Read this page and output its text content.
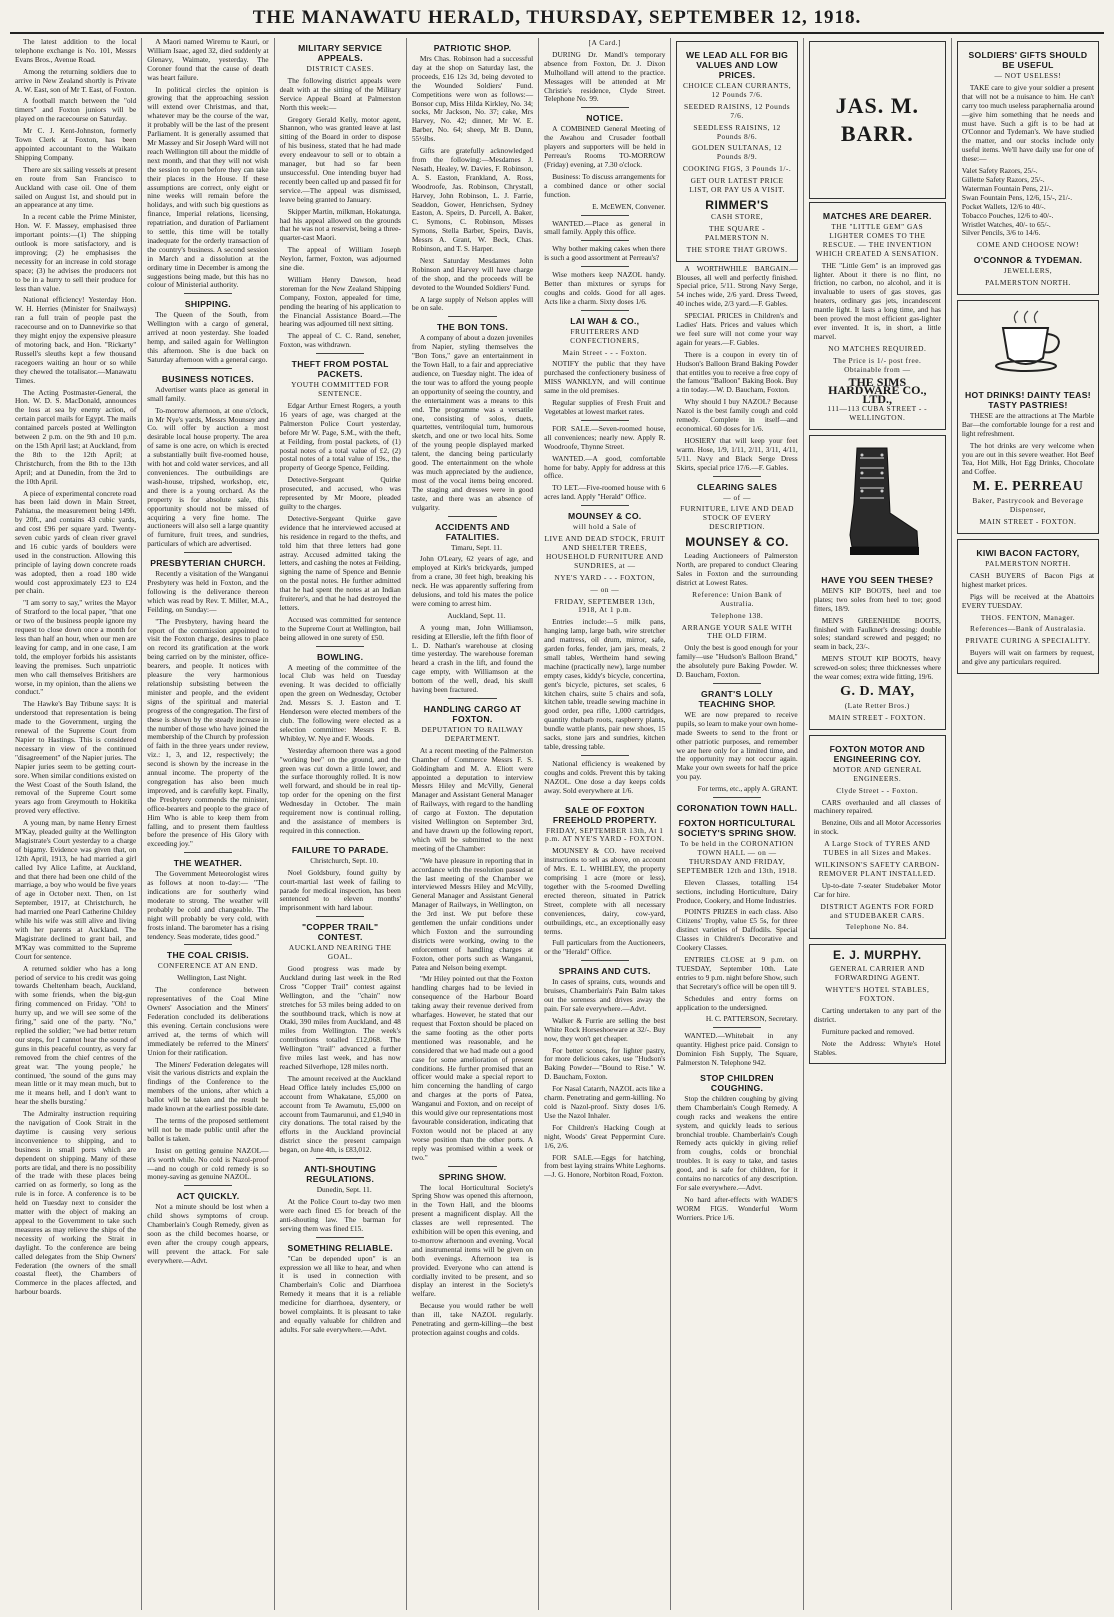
THE MANAWATU HERALD, THURSDAY, SEPTEMBER 12, 1918.

The latest addition to the local telephone exchange is No. 101, Messrs Evans Bros., Avenue Road.

Among the returning soldiers due to arrive in New Zealand shortly is Private A. W. East, son of Mr T. East, of Foxton.

A football match between the "old timers" and Foxton juniors will be played on the racecourse on Saturday.

Mr C. J. Kent-Johnston, formerly Town Clerk at Foxton, has been appointed accountant to the Waikato Shipping Company.

There are six sailing vessels at present en route from San Francisco to Auckland with case oil. One of them sailed on August 1st, and should put in an appearance at any time.

In a recent cable the Prime Minister, Hon. W. F. Massey, emphasised three important points:—(1) The shipping outlook is more satisfactory, and is improving; (2) he emphasises the necessity for an increase in cold storage space; (3) he advises the producers not to be in a hurry to sell their produce for less than value.

National efficiency! Yesterday Hon. W. H. Herries (Minister for Snailways) ran a full train of people past the racecourse and on to Dannevirke so that they might enjoy the expensive pleasure of motoring back, and Hon. "Rickarty" Russell's sleuths kept a few thousand racegoers waiting an hour or so while they chewed the totalisator.—Manawatu Times.

The Acting Postmaster-General, the Hon. W. D. S. MacDonald, announces the loss at sea by enemy action, of certain parcel mails for Egypt. The mails contained parcels posted at Wellington between 2 p.m. on the 9th and 10 p.m. on the 15th April last; at Auckland, from the 8th to the 12th April; at Christchurch, from the 8th to the 13th April; and at Dunedin, from the 3rd to the 10th April.

A piece of experimental concrete road has been laid down in Main Street, Pahiatua, the measurement being 149ft. by 20ft., and contains 43 cubic yards, and cost £96 per square yard. Twenty-seven cubic yards of clean river gravel and 16 cubic yards of boulders were used in the construction. Allowing this principle of laying down concrete roads was adopted, then a road 180 wide would cost approximately £23 to £24 per chain.

"I am sorry to say," writes the Mayor of Stratford to the local paper, "that one or two of the business people ignore my request to close down once a month for less than half an hour, when our men are leaving for camp, and in one case, I am told, the employer forbids his assistants leaving the premises. Such unpatriotic men who call themselves Britishers are worse, in my opinion, than the aliens we conduct."

The Hawke's Bay Tribune says: It is understood that representation is being made to the Government, urging the renewal of the Supreme Court from Napier to Hastings. This is considered necessary in view of the continued "disagreement" of the Napier juries. The Napier juries seem to be getting court-sore. When similar conditions existed on the West Coast of the South Island, the removal of the Supreme Court some years ago from Greymouth to Hokitika proved very effective.

A young man, by name Henry Ernest M'Kay, pleaded guilty at the Wellington Magistrate's Court yesterday to a charge of bigamy. Evidence was given that, on 12th April, 1913, he had married a girl called Ivy Alice Lafitte, at Auckland, and that there had been one child of the marriage, a boy who would be five years of age in October next. Then, on 1st September, 1917, at Christchurch, he had married one Pearl Catherine Childey while his wife was still alive and living with her parents at Auckland. The Magistrate declined to grant bail, and M'Kay was committed to the Supreme Court for sentence.

A returned soldier who has a long period of service to his credit was going towards Cheltenham beach, Auckland, with some friends, when the big-gun firing commenced on Friday. "Oh! to hurry up, and we will see some of the firing," said one of the party. "No," replied the soldier; "we had better return our steps, for I cannot hear the sound of guns in this peaceful country, as very far removed from the chief centres of the great war. 'The young people,' he continued, 'the sound of the guns may mean little or it may mean much, but to me it means hell, and I don't want to hear the shells bursting.'

The Admiralty instruction requiring the navigation of Cook Strait in the daytime is causing very serious inconvenience to shipping, and to business in small ports which are dependent on shipping. Many of these ports are tidal, and there is no possibility of the trade with these places being carried on as formerly, so long as the rule is in force. A conference is to be held on Tuesday next to consider the matter with the object of making an appeal to the Government to take such measures as may relieve the ships of the necessity of working the Strait in daylight. To the conference are being called delegates from the Ship Owners' Federation (the owners of the small coastal fleet), the Chambers of Commerce in the places affected, and harbour boards.

A Maori named Wiremu te Kauri, or William Isaac, aged 32, died suddenly at Glenavy, Waimate, yesterday. The Coroner found that the cause of death was heart failure.

In political circles the opinion is growing that the approaching session will extend over Christmas, and that, whatever may be the course of the war, it probably will be the last of the present Parliament. It is generally assumed that Mr Massey and Sir Joseph Ward will not reach Wellington till about the middle of next month, and that they will not wish the session to open before they can take their places in the House. If these assumptions are correct, only eight or nine weeks will remain before the holidays, and with such big questions as finance, Imperial relations, licensing, repatriation, and duration of Parliament to settle, this time will be totally inadequate for the orderly transaction of the country's business. A second session in March and a dissolution at the ordinary time in December is among the suggestions being made, but this has no colour of Ministerial authority.

SHIPPING.

The Queen of the South, from Wellington with a cargo of general, arrived at noon yesterday. She loaded hemp, and sailed again for Wellington this afternoon. She is due back on Saturday afternoon with a general cargo.

BUSINESS NOTICES.

Advertiser wants place as general in small family.

To-morrow afternoon, at one o'clock, in Mr Nye's yards, Messrs Mounsey and Co. will offer by auction a most desirable local house property. The area of same is one acre, on which is erected a substantially built five-roomed house, with hot and cold water services, and all conveniences. The outbuildings are wash-house, tripshed, workshop, etc, and there is a young orchard. As the property is for absolute sale, this opportunity should not be missed of acquiring a very fine home. The auctioneers will also sell a large quantity of furniture, fruit trees, and sundries, particulars of which are advertised.

PRESBYTERIAN CHURCH.

Recently a visitation of the Wanganui Presbytery was held in Foxton, and the following is the deliverance thereon which was read by Rev. T. Miller, M.A., Feilding, on Sunday:—

"The Presbytery, having heard the report of the commission appointed to visit the Foxton charge, desires to place on record its gratification at the work being carried on by the minister, office-bearers, and people. It notices with pleasure the very harmonious relationship subsisting between the minister and people, and the evident signs of the spiritual and material progress of the congregation. The first of these is shown by the steady increase in the number of those who have joined the membership of the Church by profession of faith in the three years under review, viz.: 1, 3, and 12, respectively; the second is shown by the increase in the annual income. The property of the congregation has also been much improved, and is carefully kept. Finally, the Presbytery commends the minister, office-bearers and people to the grace of Him Who is able to keep them from falling, and to present them faultless before the presence of His Glory with exceeding joy."

THE WEATHER.

The Government Meteorologist wires as follows at noon to-day:— "The indications are for southerly wind moderate to strong. The weather will probably be cold and changeable. The night will probably be very cold, with frosts inland. The barometer has a rising tendency. Seas moderate, tides good."

THE COAL CRISIS.
CONFERENCE AT AN END.

Wellington, Last Night.

The conference between representatives of the Coal Mine Owners' Association and the Miners' Federation concluded its deliberations this evening. Certain conclusions were arrived at, the terms of which will immediately be referred to the Miners' Union for their ratification.

The Miners' Federation delegates will visit the various districts and explain the findings of the Conference to the members of the unions, after which a ballot will be taken and the result be made known at the earliest possible date.

The terms of the proposed settlement will not be made public until after the ballot is taken.

Insist on getting genuine NAZOL—it's worth while. No cold is Nazol-proof—and no cough or cold remedy is so money-saving as genuine NAZOL.

ACT QUICKLY.

Not a minute should be lost when a child shows symptoms of croup. Chamberlain's Cough Remedy, given as soon as the child becomes hoarse, or even after the croupy cough appears, will prevent the attack. For sale everywhere.—Advt.

MILITARY SERVICE APPEALS.
DISTRICT CASES.

The following district appeals were dealt with at the sitting of the Military Service Appeal Board at Palmerston North this week:—

Gregory Gerald Kelly, motor agent, Shannon, who was granted leave at last sitting of the Board in order to dispose of his business, stated that he had made every endeavour to sell or to obtain a manager, but had so far been unsuccessful. One intending buyer had recently been called up and passed fit for service.—The appeal was dismissed, leave being granted to January.

Skipper Martin, milkman, Hokatunga, had his appeal allowed on the grounds that he was not a reservist, being a three-quarter-cast Maori.

The appeal of William Joseph Neylon, farmer, Foxton, was adjourned sine die.

William Henry Dawson, head storeman for the New Zealand Shipping Company, Foxton, appealed for time, pending the hearing of his application to the Financial Assistance Board.—The hearing was adjourned till next sitting.

The appeal of C. C. Rand, seneher, Foxton, was withdrawn.

THEFT FROM POSTAL PACKETS.
YOUTH COMMITTED FOR SENTENCE.

Edgar Arthur Ernest Rogers, a youth 16 years of age, was charged at the Palmerston Police Court yesterday, before Mr W. Page, S.M., with the theft, at Feilding, from postal packets, of (1) postal notes of a total value of £2, (2) postal notes of a total value of 19s., the property of George Spence, Feilding.

Detective-Sergeant Quirke prosecuted, and accused, who was represented by Mr Moore, pleaded guilty to the charges.

Detective-Sergeant Quirke gave evidence that he interviewed accused at his residence in regard to the thefts, and told him that three letters had gone astray. Accused admitted taking the letters, and cashing the notes at Feilding, signing the name of Spence and Bennie on the postal notes. He further admitted that he had spent the notes at an Indian fruiterer's, and that he had destroyed the letters.

Accused was committed for sentence to the Supreme Court at Wellington, bail being allowed in one surety of £50.

BOWLING.

A meeting of the committee of the local Club was held on Tuesday evening. It was decided to officially open the green on Wednesday, October 2nd. Messrs S. J. Easton and T. Henderson were elected members of the club. The following were elected as a selection committee: Messrs F. B. Whibley, W. Nye and F. Woods.

Yesterday afternoon there was a good "working bee" on the ground, and the green was cut down a little lower, and the surface thoroughly rolled. It is now well forward, and should be in real tip-top order for the opening on the first Wednesday in October. The main requirement now is continual rolling, and the assistance of members is required in this connection.

FAILURE TO PARADE.

Christchurch, Sept. 10.

Noel Goldsbury, found guilty by court-martial last week of failing to parade for medical inspection, has been sentenced to eleven months' imprisonment with hard labour.

"COPPER TRAIL" CONTEST.
AUCKLAND NEARING THE GOAL.

Good progress was made by Auckland during last week in the Red Cross "Copper Trail" contest against Wellington, and the "chain" now stretches for 53 miles being added to on the southbound track, which is now at Otaki, 390 miles from Auckland, and 48 miles from Wellington. The week's contributions totalled £12,068. The Wellington "trail" advanced a further five miles last week, and has now reached Silverhope, 128 miles north.

The amount received at the Auckland Head Office lately includes £5,000 on account from Whakatane, £5,000 on account from Te Awamutu, £5,000 on account from Taumarunui, and £1,940 in city donations. The total raised by the efforts in the Auckland provincial district since the present campaign began, on June 4th, is £83,012.

ANTI-SHOUTING REGULATIONS.

Dunedin, Sept. 11.

At the Police Court to-day two men were each fined £5 for breach of the anti-shouting law. The barman for serving them was fined £15.

SOMETHING RELIABLE.

"Can be depended upon" is an expression we all like to hear, and when it is used in connection with Chamberlain's Colic and Diarrhoea Remedy it means that it is a reliable medicine for diarrhoea, dysentery, or bowel complaints. It is pleasant to take and equally valuable for children and adults. For sale everywhere.—Advt.

PATRIOTIC SHOP.

Mrs Chas. Robinson had a successful day at the shop on Saturday last, the proceeds, £16 12s 3d, being devoted to the Wounded Soldiers' Fund. Competitions were won as follows:—Bonsor cup, Miss Hilda Kirkley, No. 34; socks, Mr Jackson, No. 37; cake, Mrs Harvey, No. 42; dinner, Mr W. E. Barber, No. 64; sheep, Mr B. Dunn, 55½lbs.

Gifts are gratefully acknowledged from the following:—Mesdames J. Nesath, Healey, W. Davies, F. Robinson, A. S. Easton, Frankland, A. Ross, Woodroofe, Jas. Robinson, Chrystall, Harvey, John Robinson, L. J. Farrie, Seaddon, Gower, Henrichsen, Sydney Easton, A. Speirs, D. Purcell, A. Baker, C. Symons, C. Robinson, Misses Symons, Stella Barber, Speirs, Davis, Messrs A. Grant, W. Beck, Chas. Robinson, and T. S. Harper.

Next Saturday Mesdames John Robinson and Harvey will have charge of the shop, and the proceeds will be devoted to the Wounded Soldiers' Fund.

A large supply of Nelson apples will be on sale.

THE BON TONS.

A company of about a dozen juveniles from Napier, styling themselves the "Bon Tons," gave an entertainment in the Town Hall, to a fair and appreciative audience, on Tuesday night. The idea of the tour was to afford the young people an opportunity of seeing the country, and the entertainment was a means to this end. The programme was a versatile one, consisting of solos, duets, quartettes, ventriloquial turn, humorous sketch, and one or two local hits. Some of the young people displayed marked talent, the dancing being particularly good. The entertainment on the whole was much appreciated by the audience, most of the vocal items being encored. The staging and dresses were in good taste, and there was an absence of vulgarity.

ACCIDENTS AND FATALITIES.

Timaru, Sept. 11.

John O'Leary, 62 years of age, and employed at Kirk's brickyards, jumped from a crane, 30 feet high, breaking his neck. He was apparently suffering from delusions, and told his mates the police were coming to arrest him.

Auckland, Sept. 11.

A young man, John Williamson, residing at Ellerslie, left the fifth floor of L. D. Nathan's warehouse at closing time yesterday. The warehouse foreman heard a crash in the lift, and found the cage empty, with Williamson at the bottom of the well, dead, his skull having been fractured.

HANDLING CARGO AT FOXTON.
DEPUTATION TO RAILWAY DEPARTMENT.

At a recent meeting of the Palmerston Chamber of Commerce Messrs F. S. Goldingham and M. A. Eliott were appointed a deputation to interview Messrs Hiley and McVilly, General Manager and Assistant General Manager of Railways, with regard to the handling of cargo at Foxton. The deputation visited Wellington on September 3rd, and have drawn up the following report, which will be submitted to the next meeting of the Chamber:

"We have pleasure in reporting that in accordance with the resolution passed at the last meeting of the Chamber we interviewed Messrs Hiley and McVilly, General Manager and Assistant General Manager of Railways, in Wellington, on the 3rd inst. We put before these gentlemen the unfair conditions under which Foxton and the surrounding districts were working, owing to the enforcement of handling charges at Foxton, other ports such as Wanganui, Patea and Nelson being exempt.

"Mr Hiley pointed out that the Foxton handling charges had to be levied in consequence of the Harbour Board taking away their revenue derived from wharfages. However, he stated that our request that Foxton should be placed on the same footing as the other ports mentioned was reasonable, and he considered that we had made out a good case for some amelioration of present conditions. He further promised that an officer would make a special report to him concerning the handling of cargo and charges at the ports of Patea, Wanganui and Foxton, and on receipt of this would give our representations most favourable consideration, indicating that Foxton would not be placed at any worse position than the other ports. A reply was promised within a week or two."

SPRING SHOW.

The local Horticultural Society's Spring Show was opened this afternoon, in the Town Hall, and the blooms present a magnificent display. All the classes are well represented. The exhibition will be open this evening, and to-morrow afternoon and evening. Vocal and instrumental items will be given on both evenings. Afternoon tea is provided. Everyone who can attend is cordially invited to be present, and so display an interest in the Society's welfare.

Because you would rather be well than ill, take NAZOL regularly. Penetrating and germ-killing—the best protection against coughs and colds.

[A Card.]

DURING Dr. Mandl's temporary absence from Foxton, Dr. J. Dixon Mulholland will attend to the practice. Messages will be attended at Mr Christie's residence, Clyde Street. Telephone No. 99.

NOTICE.

A COMBINED General Meeting of the Awahou and Crusader football players and supporters will be held in Perreau's Rooms TO-MORROW (Friday) evening, at 7.30 o'clock.

Business: To discuss arrangements for a combined dance or other social function.

E. McEWEN, Convener.

WANTED.—Place as general in small family. Apply this office.

Why bother making cakes when there is such a good assortment at Perreau's?

Wise mothers keep NAZOL handy. Better than mixtures or syrups for coughs and colds. Good for all ages. Acts like a charm. Sixty doses 1/6.

LAI WAH & CO.,
FRUITERERS AND CONFECTIONERS,
Main Street - - - Foxton.

NOTIFY the public that they have purchased the confectionery business of MISS WANKLYN, and will continue same in the old premises.

Regular supplies of Fresh Fruit and Vegetables at lowest market rates.

FOR SALE.—Seven-roomed house, all conveniences; nearly new. Apply R. Woodroofe, Thynne Street.

WANTED.—A good, comfortable home for baby. Apply for address at this office.

TO LET.—Five-roomed house with 6 acres land. Apply "Herald" Office.

MOUNSEY & CO.
will hold a Sale of
LIVE AND DEAD STOCK, FRUIT AND SHELTER TREES, HOUSEHOLD FURNITURE AND SUNDRIES, at —
NYE'S YARD - - - FOXTON,
— on —
FRIDAY, SEPTEMBER 13th, 1918, At 1 p.m.

Entries include:—5 milk pans, hanging lamp, large bath, wire stretcher and mattress, oil drum, mirror, safe, garden forks, fender, jam jars, meals, 2 small tables, Wertheim hand sewing machine (practically new), large number empty cases, kiddy's bicycle, concertina, gent's bicycle, pictures, set scales, 6 kitchen chairs, suite 5 chairs and sofa, kitchen table, treadle sewing machine in good order, pea rifle, 1,000 cartridges, quantity rhubarb roots, raspberry plants, bundle wattle plants, pair new shoes, 15 sacks, stone jars and sundries, kitchen table, dressing table.

National efficiency is weakened by coughs and colds. Prevent this by taking NAZOL. One dose a day keeps colds away. Sold everywhere at 1/6.

SALE OF FOXTON FREEHOLD PROPERTY.
FRIDAY, SEPTEMBER 13th, At 1 p.m. AT NYE'S YARD - FOXTON.

MOUNSEY & CO. have received instructions to sell as above, on account of Mrs. E. L. WHIBLEY, the property comprising 1 acre (more or less), together with the 5-roomed Dwelling erected thereon, situated in Patrick Street, complete with all necessary conveniences, dairy, cow-yard, outbuildings, etc., an exceptionally easy terms.

Full particulars from the Auctioneers, or the "Herald" Office.

SPRAINS AND CUTS.

In cases of sprains, cuts, wounds and bruises, Chamberlain's Pain Balm takes out the soreness and drives away the pain. For sale everywhere.—Advt.

Walker & Furrie are selling the best White Rock Horseshoeware at 32/-. Buy now, they won't get cheaper.

For better scones, for lighter pastry, for more delicious cakes, use "Hudson's Baking Powder—"Bound to Rise." W. D. Baucham, Foxton.

For Nasal Catarrh, NAZOL acts like a charm. Penetrating and germ-killing. No cold is Nazol-proof. Sixty doses 1/6. Use the Nazol Inhaler.

For Children's Hacking Cough at night, Woods' Great Peppermint Cure. 1/6, 2/6.

FOR SALE.—Eggs for hatching, from best laying strains White Leghorns.—J. G. Honore, Norbiton Road, Foxton.

WE LEAD ALL FOR BIG VALUES AND LOW PRICES.
CHOICE CLEAN CURRANTS, 12 Pounds 7/6.
SEEDED RAISINS, 12 Pounds 7/6.
SEEDLESS RAISINS, 12 Pounds 8/6.
GOLDEN SULTANAS, 12 Pounds 8/9.
COOKING FIGS, 3 Pounds 1/-.
GET OUR LATEST PRICE LIST, OR PAY US A VISIT.
RIMMER'S
CASH STORE,
THE SQUARE - PALMERSTON N.
THE STORE THAT GROWS.

A WORTHWHILE BARGAIN.—Blouses, all well and perfectly finished. Special price, 5/11. Strong Navy Serge, 54 inches wide, 2/6 yard. Dress Tweed, 40 inches wide, 2/3 yard.—F. Gables.

SPECIAL PRICES in Children's and Ladies' Hats. Prices and values which we feel sure will not come your way again for years.—F. Gables.

There is a coupon in every tin of Hudson's Balloon Brand Baking Powder that entitles you to receive a free copy of the famous "Balloon" Baking Book. Buy a tin today.—W. D. Baucham, Foxton.

Why should I buy NAZOL? Because Nazol is the best family cough and cold remedy. Complete in itself—and economical. 60 doses for 1/6.

HOSIERY that will keep your feet warm. Hose, 1/9, 1/11, 2/11, 3/11, 4/11, 5/11. Navy and Black Serge Dress Skirts, special price 17/6.—F. Gables.

CLEARING SALES
— of —
FURNITURE, LIVE AND DEAD STOCK OF EVERY DESCRIPTION.
MOUNSEY & CO.

Leading Auctioneers of Palmerston North, are prepared to conduct Clearing Sales in Foxton and the surrounding district at Lowest Rates.

Reference: Union Bank of Australia.
Telephone 138.
ARRANGE YOUR SALE WITH THE OLD FIRM.

Only the best is good enough for your family—use "Hudson's Balloon Brand," the absolutely pure Baking Powder. W. D. Baucham, Foxton.

GRANT'S LOLLY TEACHING SHOP.

WE are now prepared to receive pupils, so learn to make your own home-made Sweets to send to the front or other patriotic purposes, and remember we are here only for a limited time, and the opportunity may not occur again. Make your own sweets for half the price you pay.

For terms, etc., apply A. GRANT.

CORONATION TOWN HALL.
FOXTON HORTICULTURAL SOCIETY'S SPRING SHOW.
To be held in the CORONATION TOWN HALL — on — THURSDAY AND FRIDAY, SEPTEMBER 12th and 13th, 1918.

Eleven Classes, totalling 154 sections, including Horticulture, Dairy Produce, Cookery, and Home Industries.

POINTS PRIZES in each class. Also Citizens' Trophy, value £5 5s, for three distinct varieties of Daffodils. Special Classes in Children's Decorative and Cookery Classes.

ENTRIES CLOSE at 9 p.m. on TUESDAY, September 10th. Late entries to 9 p.m. night before Show, such that Secretary's office will be open till 9.

Schedules and entry forms on application to the undersigned.

H. C. PATTERSON, Secretary.

WANTED.—Whitebait in any quantity. Highest price paid. Consign to Dominion Fish Supply, The Square, Palmerston N. Telephone 942.

STOP CHILDREN COUGHING.

Stop the children coughing by giving them Chamberlain's Cough Remedy. A cough racks and weakens the entire system, and quickly leads to serious bronchial trouble. Chamberlain's Cough Remedy acts quickly in giving relief from coughs, colds or bronchial troubles. It is easy to take, and tastes good, and is safe for children, for it contains no narcotics of any description. For sale everywhere.—Advt.

No hard after-effects with WADE'S WORM FIGS. Wonderful Worm Worriers. Price 1/6.

JAS. M. BARR.
MATCHES ARE DEARER.
THE "LITTLE GEM" GAS LIGHTER COMES TO THE RESCUE. — THE INVENTION WHICH CREATED A SENSATION.

THE "Little Gem" is an improved gas lighter. About it there is no flint, no friction, no carbon, no alcohol, and it is invaluable to users of gas stoves, gas heaters, ordinary gas jets, incandescent mantle light. It lasts a long time, and has been proved the most efficient gas-lighter ever invented. It is, in short, a little marvel.

NO MATCHES REQUIRED.
The Price is 1/- post free. Obtainable from —
THE SIMS HARDWARE CO., LTD.,
111—113 CUBA STREET - - WELLINGTON.
HAVE YOU SEEN THESE?

MEN'S KIP BOOTS, heel and toe plates; two soles from heel to toe; good fitters, 18/9.

MEN'S GREENHIDE BOOTS, finished with Faulkner's dressing: double soles; standard screwed and pegged; no seam in back, 23/-.

MEN'S STOUT KIP BOOTS, heavy screwed-on soles; three thicknesses where the wear comes; extra wide fitting, 19/6.

G. D. MAY,
(Late Retter Bros.)
MAIN STREET - FOXTON.
FOXTON MOTOR AND ENGINEERING COY.
MOTOR AND GENERAL ENGINEERS.
Clyde Street - - Foxton.

CARS overhauled and all classes of machinery repaired.

Benzine, Oils and all Motor Accessories in stock.

A Large Stock of TYRES AND TUBES in all Sizes and Makes.
WILKINSON'S SAFETY CARBON-REMOVER PLANT INSTALLED.

Up-to-date 7-seater Studebaker Motor Car for hire.

DISTRICT AGENTS FOR FORD and STUDEBAKER CARS.
Telephone No. 84.
E. J. MURPHY.
GENERAL CARRIER AND FORWARDING AGENT.
WHYTE'S HOTEL STABLES, FOXTON.

Carting undertaken to any part of the district.

Furniture packed and removed.

Note the Address: Whyte's Hotel Stables.

SOLDIERS' GIFTS SHOULD BE USEFUL
— NOT USELESS!

TAKE care to give your soldier a present that will not be a nuisance to him. He can't carry too much useless paraphernalia around—give him something that he needs and must have. Such a gift is to be had at O'Connor and Tydeman's. We have studied the matter, and our stocks include only useful items. We'll have daily use for one of these:—

Valet Safety Razors, 25/-.
Gillette Safety Razors, 25/-.
Waterman Fountain Pens, 21/-.
Swan Fountain Pens, 12/6, 15/-, 21/-.
Pocket Wallets, 12/6 to 40/-.
Tobacco Pouches, 12/6 to 40/-.
Wristlet Watches, 40/- to 65/-.
Silver Pencils, 3/6 to 14/6.
COME AND CHOOSE NOW!
O'CONNOR & TYDEMAN.
JEWELLERS,
PALMERSTON NORTH.
HOT DRINKS! DAINTY TEAS! TASTY PASTRIES!

THESE are the attractions at The Marble Bar—the comfortable lounge for a rest and light refreshment.

The hot drinks are very welcome when you are out in this severe weather. Hot Beef Tea, Hot Milk, Hot Egg Drinks, Chocolate and Coffee.

M. E. PERREAU
Baker, Pastrycook and Beverage Dispenser,
MAIN STREET - FOXTON.
KIWI BACON FACTORY,
PALMERSTON NORTH.

CASH BUYERS of Bacon Pigs at highest market prices.

Pigs will be received at the Abattoirs EVERY TUESDAY.

THOS. FENTON, Manager.
References—Bank of Australasia.
PRIVATE CURING A SPECIALITY.

Buyers will wait on farmers by request, and give any particulars required.
